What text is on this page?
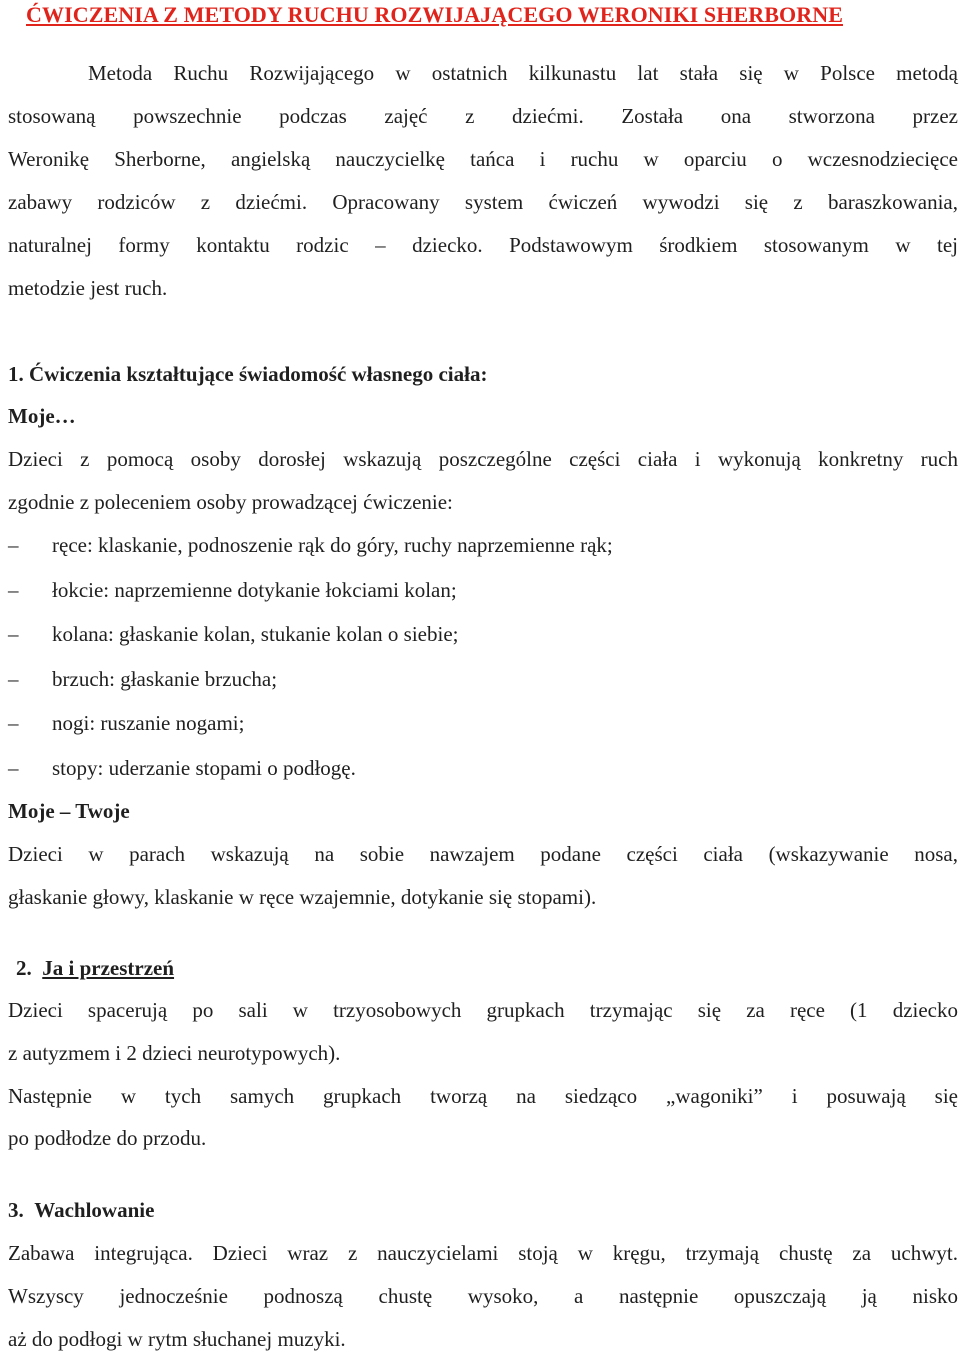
ĆWICZENIA Z METODY RUCHU ROZWIJAJĄCEGO WERONIKI SHERBORNE
Metoda Ruchu Rozwijającego w ostatnich kilkunastu lat stała się w Polsce metodą
stosowaną powszechnie podczas zajęć z dziećmi. Została ona stworzona przez
Weronikę Sherborne, angielską nauczycielkę tańca i ruchu w oparciu o wczesnodziecięce
zabawy rodziców z dziećmi. Opracowany system ćwiczeń wywodzi się z baraszkowania,
naturalnej formy kontaktu rodzic – dziecko. Podstawowym środkiem stosowanym w tej
metodzie jest ruch.
1. Ćwiczenia kształtujące świadomość własnego ciała:
Moje…
Dzieci z pomocą osoby dorosłej wskazują poszczególne części ciała i wykonują konkretny ruch
zgodnie z poleceniem osoby prowadzącej ćwiczenie:
– ręce: klaskanie, podnoszenie rąk do góry, ruchy naprzemienne rąk;
– łokcie: naprzemienne dotykanie łokciami kolan;
– kolana: głaskanie kolan, stukanie kolan o siebie;
– brzuch: głaskanie brzucha;
– nogi: ruszanie nogami;
– stopy: uderzanie stopami o podłogę.
Moje – Twoje
Dzieci w parach wskazują na sobie nawzajem podane części ciała (wskazywanie nosa,
głaskanie głowy, klaskanie w ręce wzajemnie, dotykanie się stopami).
2. Ja i przestrzeń
Dzieci spacerują po sali w trzyosobowych grupkach trzymając się za ręce (1 dziecko
z autyzmem i 2 dzieci neurotypowych).
Następnie w tych samych grupkach tworzą na siedząco „wagoniki” i posuwają się
po podłodze do przodu.
3. Wachlowanie
Zabawa integrująca. Dzieci wraz z nauczycielami stoją w kręgu, trzymają chustę za uchwyt.
Wszyscy jednocześnie podnoszą chustę wysoko, a następnie opuszczają ją nisko
aż do podłogi w rytm słuchanej muzyki.
